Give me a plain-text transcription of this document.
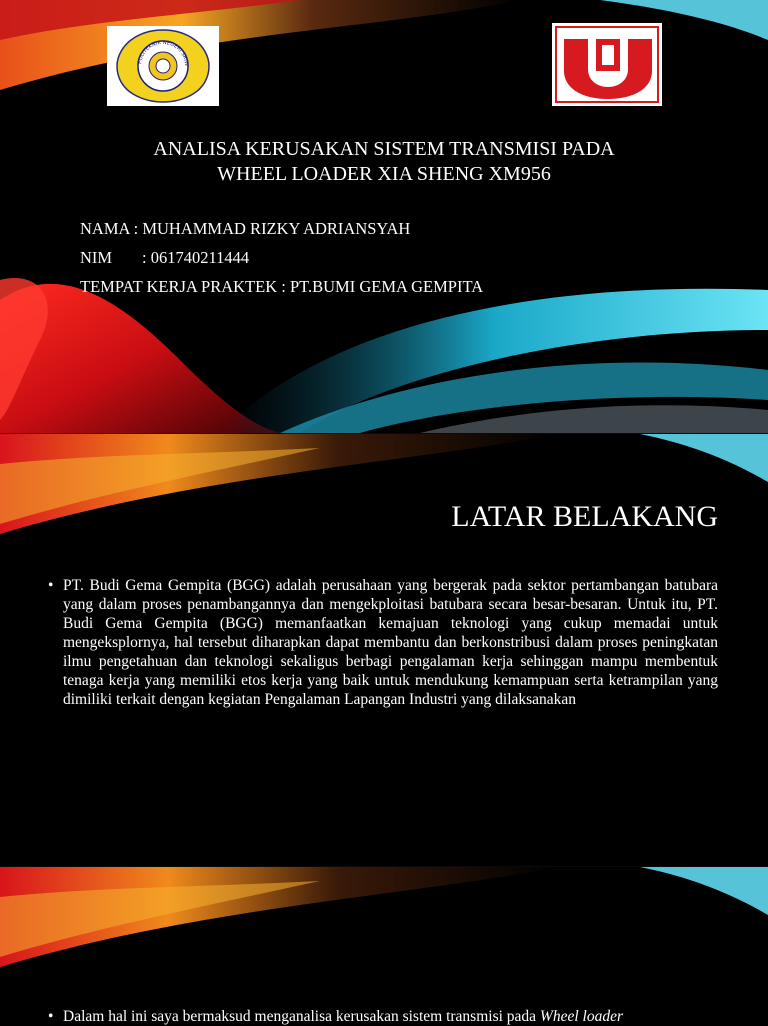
POLITEKNIK NEGERI SRIW
ANALISA KERUSAKAN SISTEM TRANSMISI PADA
WHEEL LOADER XIA SHENG XM956
NAMA : MUHAMMAD RIZKY ADRIANSYAH
NIM : 061740211444
TEMPAT KERJA PRAKTEK : PT.BUMI GEMA GEMPITA
LATAR BELAKANG
• PT. Budi Gema Gempita (BGG) adalah perusahaan yang bergerak pada sektor pertambangan batubara yang dalam proses penambangannya dan mengekploitasi batubara secara besar-besaran. Untuk itu, PT. Budi Gema Gempita (BGG) memanfaatkan kemajuan teknologi yang cukup memadai untuk mengeksplornya, hal tersebut diharapkan dapat membantu dan berkonstribusi dalam proses peningkatan ilmu pengetahuan dan teknologi sekaligus berbagi pengalaman kerja sehinggan mampu membentuk tenaga kerja yang memiliki etos kerja yang baik untuk mendukung kemampuan serta ketrampilan yang dimiliki terkait dengan kegiatan Pengalaman Lapangan Industri yang dilaksanakan
• Dalam hal ini saya bermaksud menganalisa kerusakan sistem transmisi pada Wheel loader
